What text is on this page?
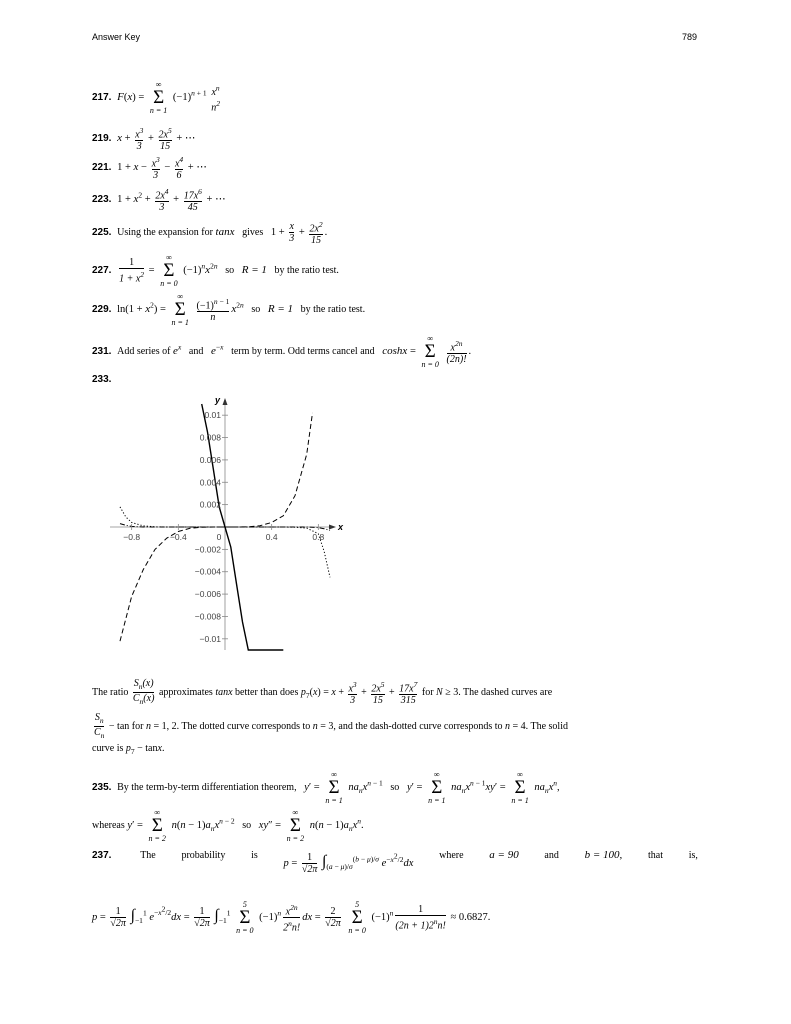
Answer Key	789
217. F(x) =
∞
Σ
n = 1
$(-1)^{n + 1}$ $x^n$
$n^2$
219. $x + \frac{x^3}{3} + \frac{2x^5}{15}$ + ⋯
221. $1 + x - \frac{x^3}{3} - \frac{x^4}{6}$ + ⋯
223. $1 + x^2 + \frac{2x^4}{3} + \frac{17x^6}{45}$ + ⋯
225. Using the expansion for tanx gives $1 + \frac{x}{3} + \frac{2x^2}{15}$ .
227. $\frac{1}{1 + x^2}$ =
∞
Σ
n = 0
$(-1)^nx^{2n}$ so R = 1 by the ratio test.
229. $\ln(1 + x^2)$ =
∞
Σ
n = 1
$\frac{(-1)^{n - 1}}{n} x^{2n}$ so R = 1 by the ratio test.
231. Add series of $e^x$ and $e^{-x}$ term by term. Odd terms cancel and coshx =
∞
Σ
n = 0
$\frac{x^{2n}}{(2n)!}$ .
233.
x
y
−0.8	−0.4	0	0.4	0.8
0.01
0.008
0.006
0.004
0.002
−0.002
−0.004
−0.006
−0.008
−0.01
The ratio $\frac{S_n(x)}{C_n(x)}$ approximates tanx better than does $p_7(x) = x + \frac{x^3}{3} + \frac{2x^5}{15} + \frac{17x^7}{315}$ for N ≥ 3. The dashed curves are
$\frac{S_n}{C_n} - \tan$ for n = 1, 2. The dotted curve corresponds to n = 3, and the dash-dotted curve corresponds to n = 4. The solid
curve is $p_7 - \tan x$.
235. By the term-by-term differentiation theorem, y′ =
∞
Σ
n = 1
$na_nx^{n - 1}$ so y′ =
∞
Σ
n = 1
$na_nx^{n - 1}xy'$ =
∞
Σ
n = 1
$na_nx^n$,
whereas y′ =
∞
Σ
n = 2
$n(n - 1)a_nx^{n - 2}$ so xy″ =
∞
Σ
n = 2
$n(n - 1)a_nx^n$.
237.	The	probability	is
$p = \frac{1}{√2\pi} \int_{(a - \mu)/\sigma}^{(b - \mu)/\sigma}$ $e^{-x^2/2}dx$
where a = 90	and b = 100,	that	is,
$p = \frac{1}{√2\pi} \int_{-1}^1$ $e^{-x^2/2}dx = \frac{1}{√2\pi} \int_{-1}^1$
5
Σ
n = 0
$(-1)^n \frac{x^{2n}}{2^nn!}$ dx = $\frac{2}{√2\pi}$

5
Σ
n = 0
$(-1)^n \frac{1}{(2n + 1)2^nn!} \approx 0.6827$.
